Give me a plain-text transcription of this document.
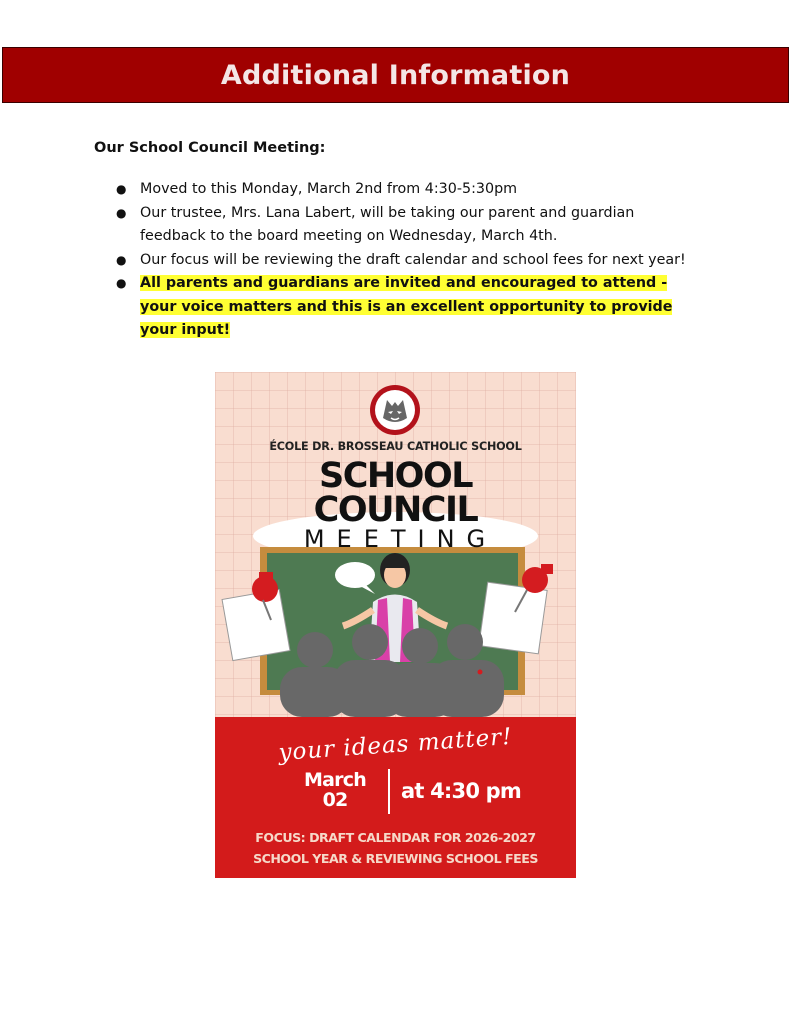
Additional Information
Our School Council Meeting:
● Moved to this Monday, March 2nd from 4:30-5:30pm
● Our trustee, Mrs. Lana Labert, will be taking our parent and guardian feedback to the board meeting on Wednesday, March 4th.
● Our focus will be reviewing the draft calendar and school fees for next year!
● All parents and guardians are invited and encouraged to attend - your voice matters and this is an excellent opportunity to provide your input!
ÉCOLE DR. BROSSEAU CATHOLIC SCHOOL
SCHOOL
COUNCIL
MEETING
your ideas matter!
March
02	at 4:30 pm
FOCUS: DRAFT CALENDAR FOR 2026-2027
SCHOOL YEAR & REVIEWING SCHOOL FEES
